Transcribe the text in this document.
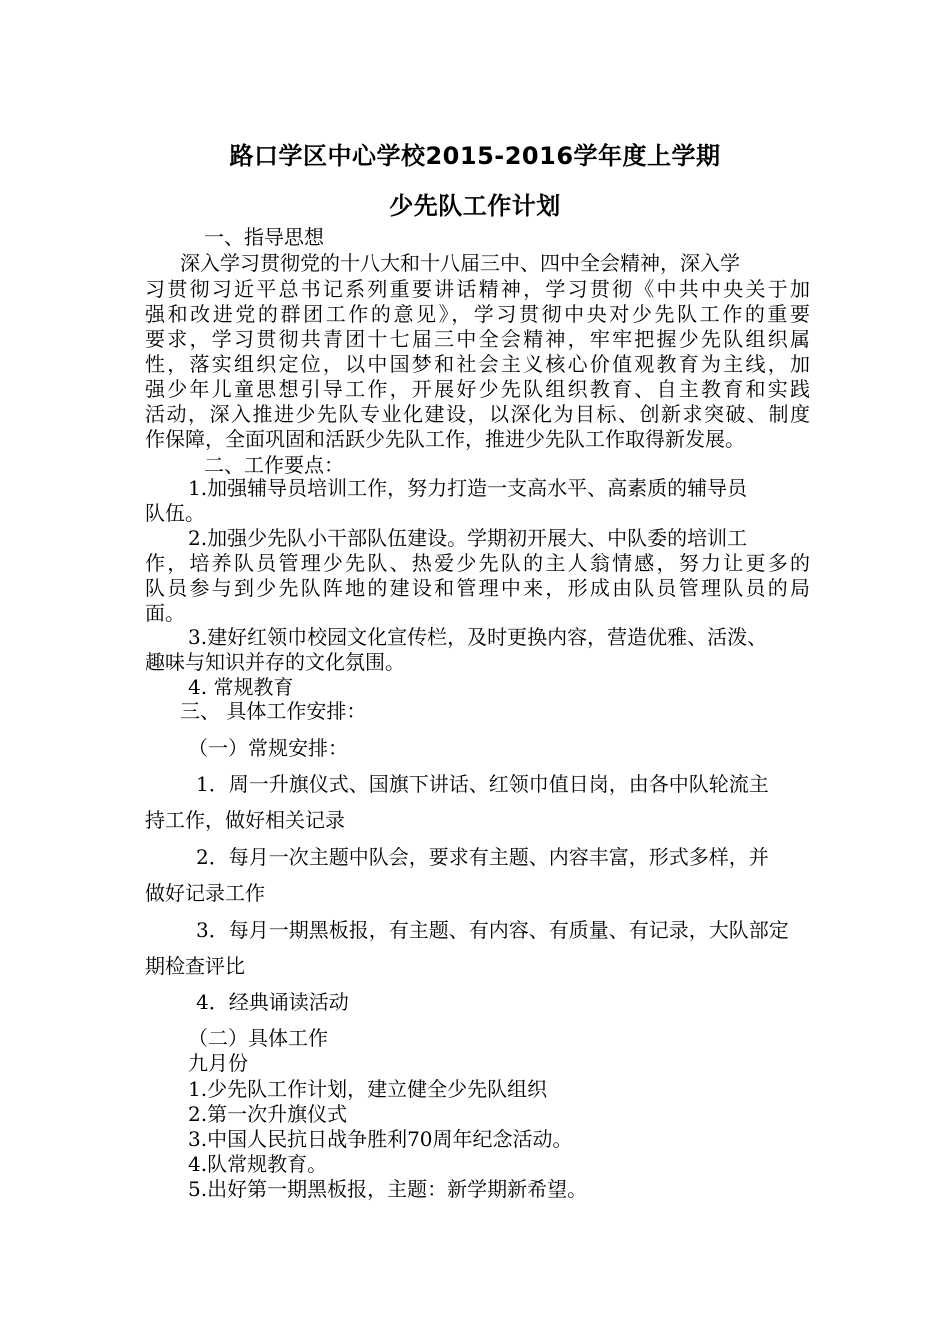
路口学区中心学校2015-2016学年度上学期
少先队工作计划
一、指导思想
深入学习贯彻党的十八大和十八届三中、四中全会精神，深入学
习贯彻习近平总书记系列重要讲话精神，学习贯彻《中共中央关于加
强和改进党的群团工作的意见》，学习贯彻中央对少先队工作的重要
要求，学习贯彻共青团十七届三中全会精神，牢牢把握少先队组织属
性，落实组织定位，以中国梦和社会主义核心价值观教育为主线，加
强少年儿童思想引导工作，开展好少先队组织教育、自主教育和实践
活动，深入推进少先队专业化建设，以深化为目标、创新求突破、制度
作保障，全面巩固和活跃少先队工作，推进少先队工作取得新发展。
二、工作要点：
1.加强辅导员培训工作，努力打造一支高水平、高素质的辅导员
队伍。
2.加强少先队小干部队伍建设。学期初开展大、中队委的培训工
作，培养队员管理少先队、热爱少先队的主人翁情感，努力让更多的
队员参与到少先队阵地的建设和管理中来，形成由队员管理队员的局
面。
3.建好红领巾校园文化宣传栏，及时更换内容，营造优雅、活泼、
趣味与知识并存的文化氛围。
4. 常规教育
三、 具体工作安排：
（一）常规安排：
1．周一升旗仪式、国旗下讲话、红领巾值日岗，由各中队轮流主
持工作，做好相关记录
2．每月一次主题中队会，要求有主题、内容丰富，形式多样，并
做好记录工作
3．每月一期黑板报，有主题、有内容、有质量、有记录，大队部定
期检查评比
4．经典诵读活动
（二）具体工作
九月份
1.少先队工作计划，建立健全少先队组织
2.第一次升旗仪式
3.中国人民抗日战争胜利70周年纪念活动。
4.队常规教育。
5.出好第一期黑板报，主题：新学期新希望。
